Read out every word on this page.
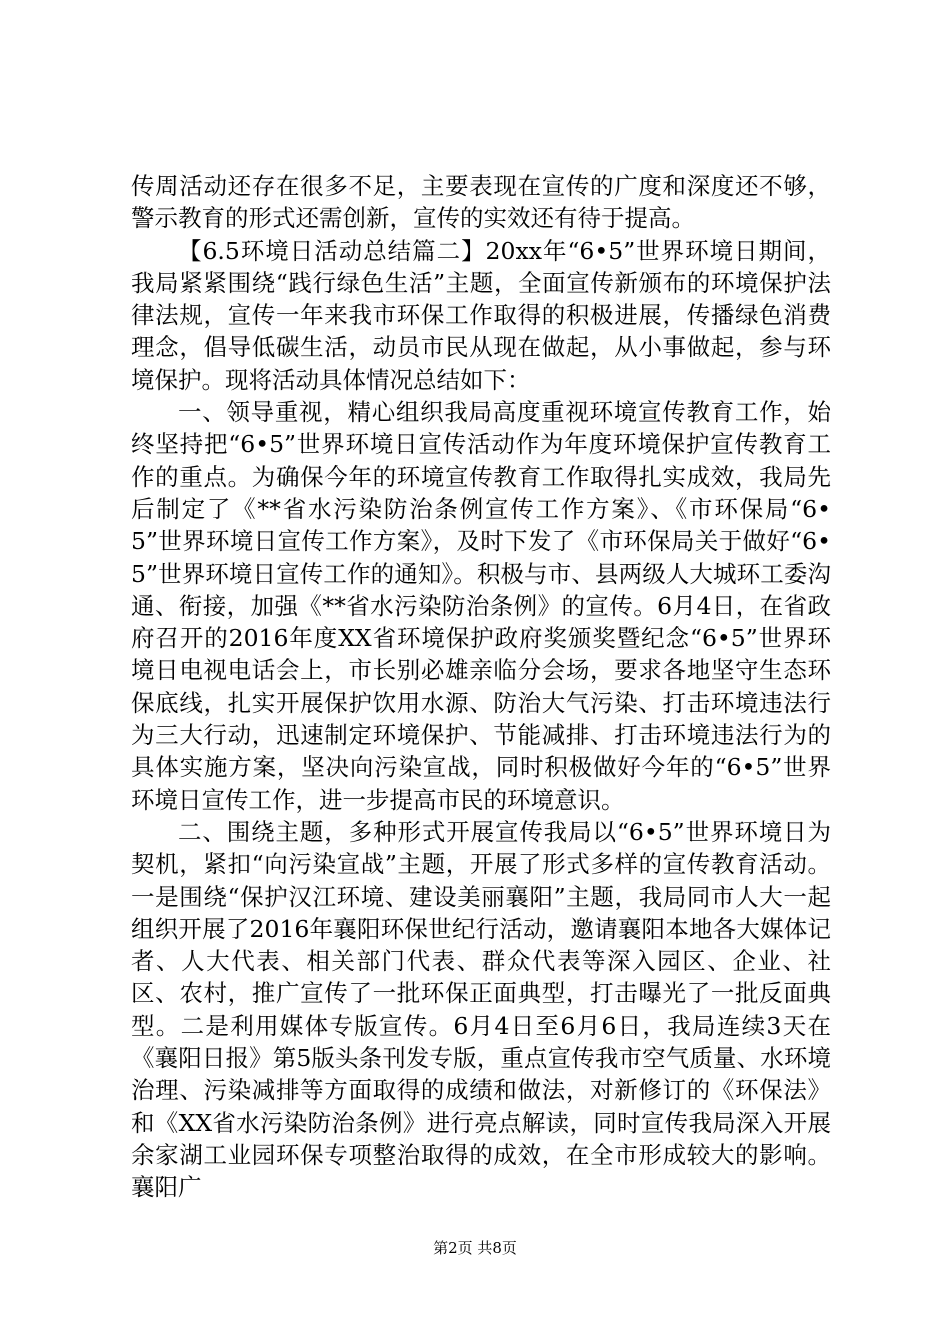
传周活动还存在很多不足，主要表现在宣传的广度和深度还不够，警示教育的形式还需创新，宣传的实效还有待于提高。

【6.5环境日活动总结篇二】20xx年“6•5”世界环境日期间，我局紧紧围绕“践行绿色生活”主题，全面宣传新颁布的环境保护法律法规，宣传一年来我市环保工作取得的积极进展，传播绿色消费理念，倡导低碳生活，动员市民从现在做起，从小事做起，参与环境保护。现将活动具体情况总结如下：

一、领导重视，精心组织我局高度重视环境宣传教育工作，始终坚持把“6•5”世界环境日宣传活动作为年度环境保护宣传教育工作的重点。为确保今年的环境宣传教育工作取得扎实成效，我局先后制定了《**省水污染防治条例宣传工作方案》、《市环保局“6•5”世界环境日宣传工作方案》，及时下发了《市环保局关于做好“6•5”世界环境日宣传工作的通知》。积极与市、县两级人大城环工委沟通、衔接，加强《**省水污染防治条例》的宣传。6月4日，在省政府召开的2016年度XX省环境保护政府奖颁奖暨纪念“6•5”世界环境日电视电话会上，市长别必雄亲临分会场，要求各地坚守生态环保底线，扎实开展保护饮用水源、防治大气污染、打击环境违法行为三大行动，迅速制定环境保护、节能减排、打击环境违法行为的具体实施方案，坚决向污染宣战，同时积极做好今年的“6•5”世界环境日宣传工作，进一步提高市民的环境意识。

二、围绕主题，多种形式开展宣传我局以“6•5”世界环境日为契机，紧扣“向污染宣战”主题，开展了形式多样的宣传教育活动。一是围绕“保护汉江环境、建设美丽襄阳”主题，我局同市人大一起组织开展了2016年襄阳环保世纪行活动，邀请襄阳本地各大媒体记者、人大代表、相关部门代表、群众代表等深入园区、企业、社区、农村，推广宣传了一批环保正面典型，打击曝光了一批反面典型。二是利用媒体专版宣传。6月4日至6月6日，我局连续3天在《襄阳日报》第5版头条刊发专版，重点宣传我市空气质量、水环境治理、污染减排等方面取得的成绩和做法，对新修订的《环保法》和《XX省水污染防治条例》进行亮点解读，同时宣传我局深入开展余家湖工业园环保专项整治取得的成效，在全市形成较大的影响。襄阳广

第2页 共8页
